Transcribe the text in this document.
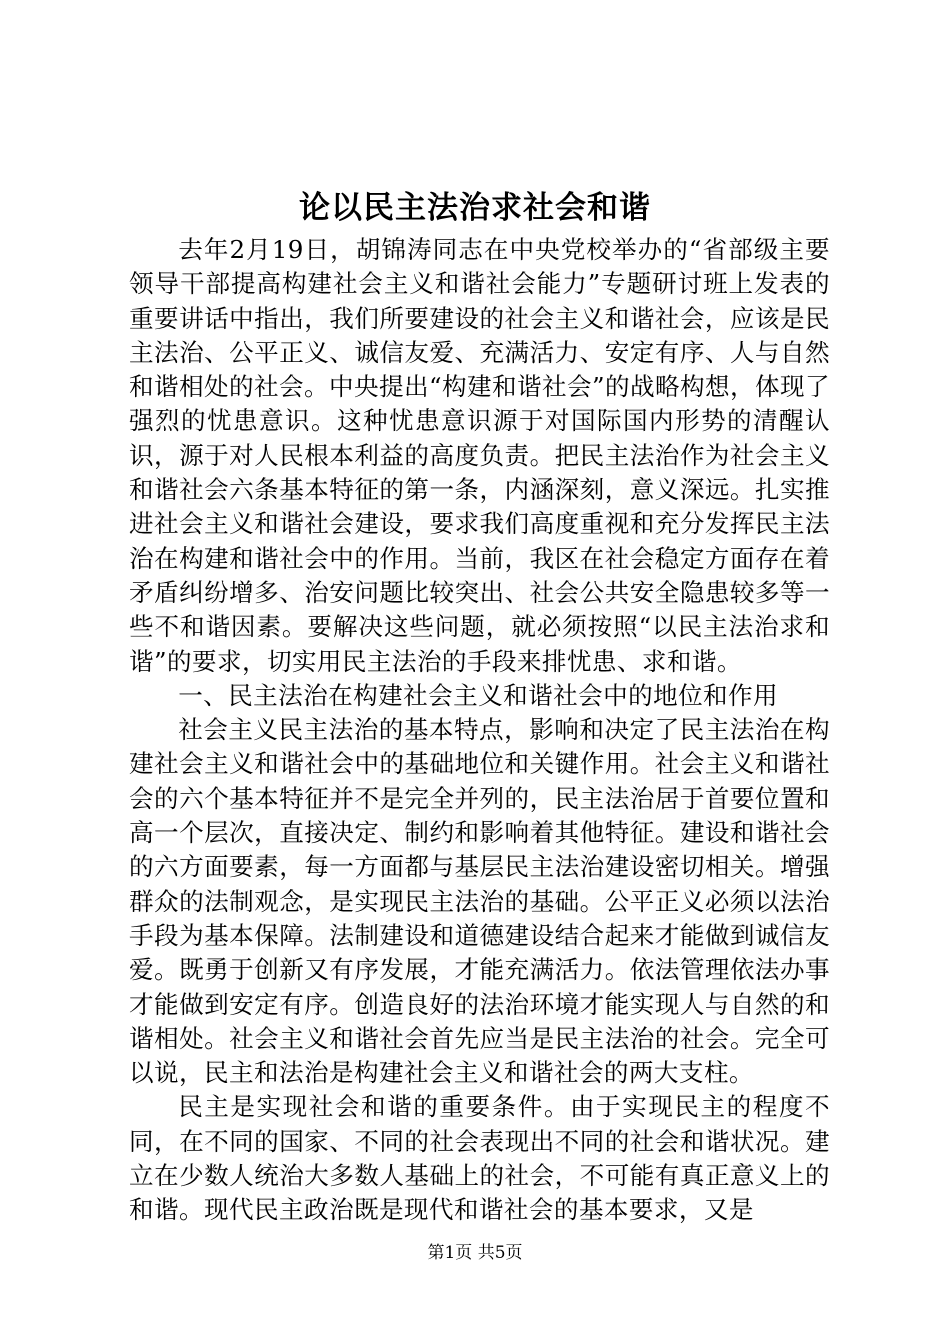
论以民主法治求社会和谐

去年2月19日，胡锦涛同志在中央党校举办的“省部级主要领导干部提高构建社会主义和谐社会能力”专题研讨班上发表的重要讲话中指出，我们所要建设的社会主义和谐社会，应该是民主法治、公平正义、诚信友爱、充满活力、安定有序、人与自然和谐相处的社会。中央提出“构建和谐社会”的战略构想，体现了强烈的忧患意识。这种忧患意识源于对国际国内形势的清醒认识，源于对人民根本利益的高度负责。把民主法治作为社会主义和谐社会六条基本特征的第一条，内涵深刻，意义深远。扎实推进社会主义和谐社会建设，要求我们高度重视和充分发挥民主法治在构建和谐社会中的作用。当前，我区在社会稳定方面存在着矛盾纠纷增多、治安问题比较突出、社会公共安全隐患较多等一些不和谐因素。要解决这些问题，就必须按照“以民主法治求和谐”的要求，切实用民主法治的手段来排忧患、求和谐。

一、民主法治在构建社会主义和谐社会中的地位和作用

社会主义民主法治的基本特点，影响和决定了民主法治在构建社会主义和谐社会中的基础地位和关键作用。社会主义和谐社会的六个基本特征并不是完全并列的，民主法治居于首要位置和高一个层次，直接决定、制约和影响着其他特征。建设和谐社会的六方面要素，每一方面都与基层民主法治建设密切相关。增强群众的法制观念，是实现民主法治的基础。公平正义必须以法治手段为基本保障。法制建设和道德建设结合起来才能做到诚信友爱。既勇于创新又有序发展，才能充满活力。依法管理依法办事才能做到安定有序。创造良好的法治环境才能实现人与自然的和谐相处。社会主义和谐社会首先应当是民主法治的社会。完全可以说，民主和法治是构建社会主义和谐社会的两大支柱。

民主是实现社会和谐的重要条件。由于实现民主的程度不同，在不同的国家、不同的社会表现出不同的社会和谐状况。建立在少数人统治大多数人基础上的社会，不可能有真正意义上的和谐。现代民主政治既是现代和谐社会的基本要求，又是

第1页 共5页
